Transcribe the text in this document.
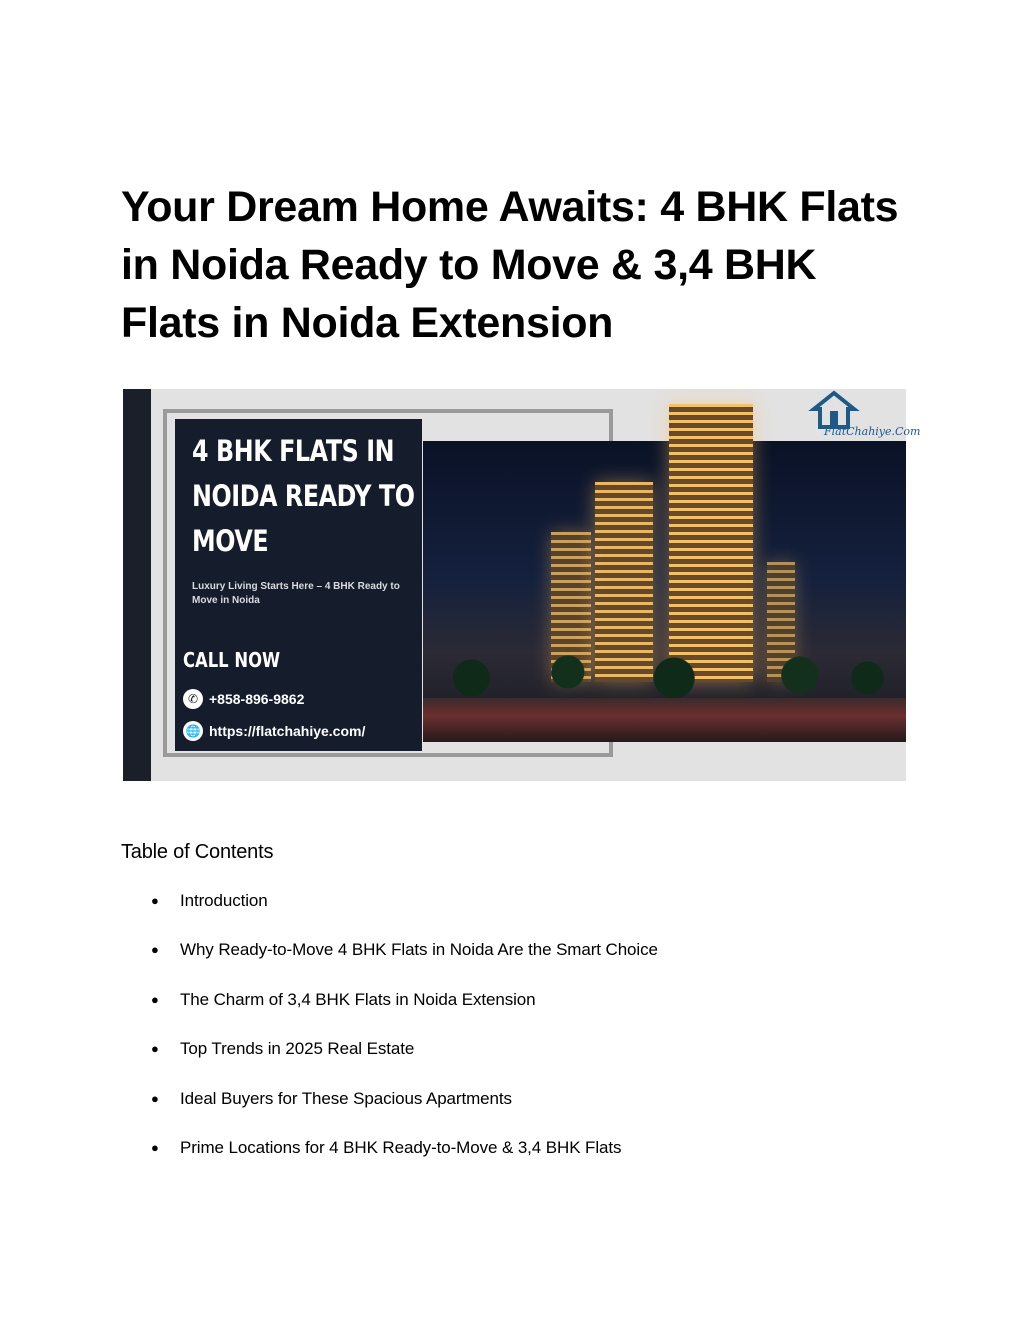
Your Dream Home Awaits: 4 BHK Flats in Noida Ready to Move & 3,4 BHK Flats in Noida Extension
4 BHK FLATS IN NOIDA READY TO MOVE
Luxury Living Starts Here – 4 BHK Ready to Move in Noida
CALL NOW
✆ +858-896-9862
🌐 https://flatchahiye.com/
FlatChahiye.Com
Table of Contents
● Introduction
● Why Ready-to-Move 4 BHK Flats in Noida Are the Smart Choice
● The Charm of 3,4 BHK Flats in Noida Extension
● Top Trends in 2025 Real Estate
● Ideal Buyers for These Spacious Apartments
● Prime Locations for 4 BHK Ready-to-Move & 3,4 BHK Flats
